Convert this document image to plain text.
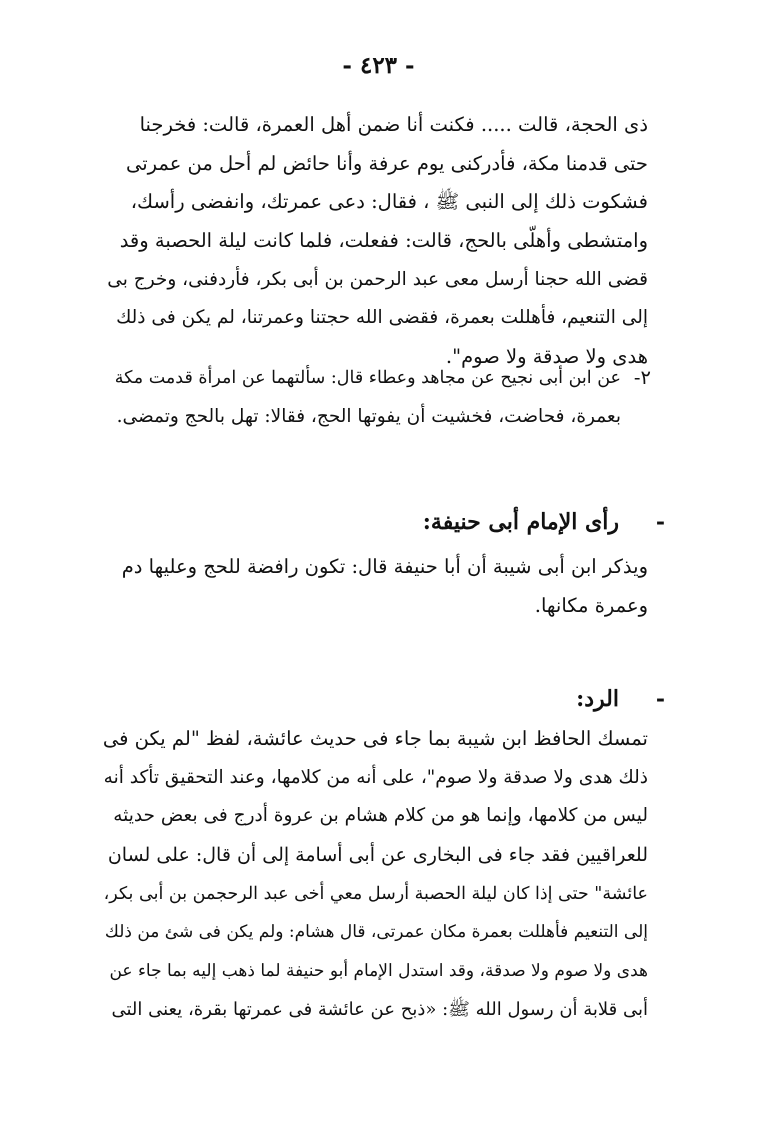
- ٤٢٣ -
ذى الحجة، قالت ..... فكنت أنا ضمن أهل العمرة، قالت: فخرجنا
حتى قدمنا مكة، فأدركنى يوم عرفة وأنا حائض لم أحل من عمرتى
فشكوت ذلك إلى النبى ﷺ ، فقال: دعى عمرتك، وانفضى رأسك،
وامتشطى وأهلّى بالحج، قالت: ففعلت، فلما كانت ليلة الحصبة وقد
قضى الله حجنا أرسل معى عبد الرحمن بن أبى بكر، فأردفنى، وخرج بى
إلى التنعيم، فأهللت بعمرة، فقضى الله حجتنا وعمرتنا، لم يكن فى ذلك
هدى ولا صدقة ولا صوم".
٢-
عن ابن أبى نجيح عن مجاهد وعطاء قال: سألتهما عن امرأة قدمت مكة
بعمرة، فحاضت، فخشيت أن يفوتها الحج، فقالا: تهل بالحج وتمضى.
-
رأى الإمام أبى حنيفة:
ويذكر ابن أبى شيبة أن أبا حنيفة قال: تكون رافضة للحج وعليها دم
وعمرة مكانها.
-
الرد:
تمسك الحافظ ابن شيبة بما جاء فى حديث عائشة، لفظ "لم يكن فى
ذلك هدى ولا صدقة ولا صوم"، على أنه من كلامها، وعند التحقيق تأكد أنه
ليس من كلامها، وإنما هو من كلام هشام بن عروة أدرج فى بعض حديثه
للعراقيين فقد جاء فى البخارى عن أبى أسامة إلى أن قال: على لسان
عائشة" حتى إذا كان ليلة الحصبة أرسل معي أخى عبد الرحجمن بن أبى بكر،
إلى التنعيم فأهللت بعمرة مكان عمرتى، قال هشام: ولم يكن فى شئ من ذلك
هدى ولا صوم ولا صدقة، وقد استدل الإمام أبو حنيفة لما ذهب إليه بما جاء عن
أبى قلابة أن رسول الله ﷺ: «ذبح عن عائشة فى عمرتها بقرة، يعنى التى
